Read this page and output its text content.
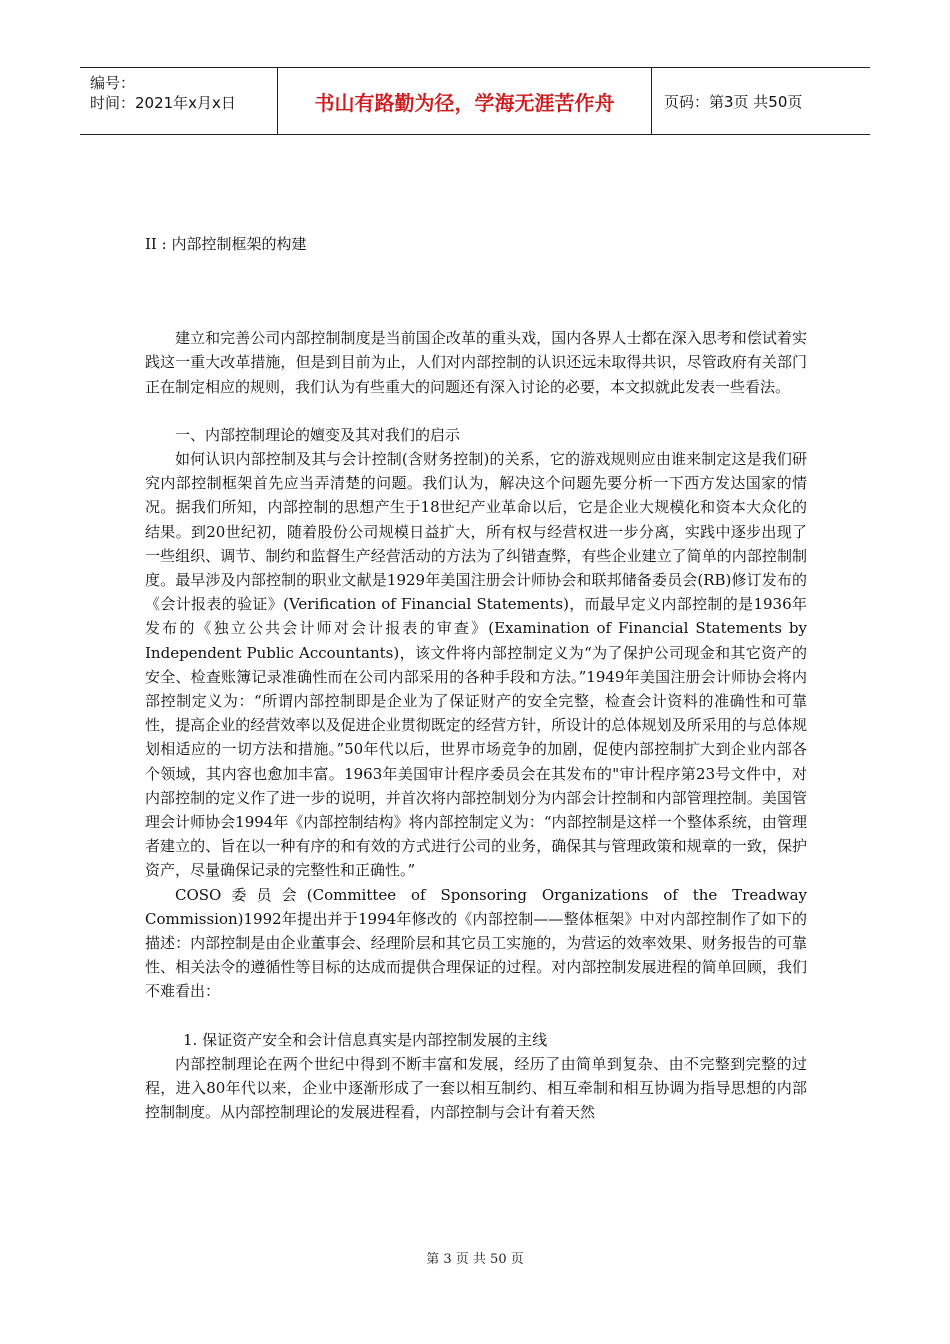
编号：
时间：2021年x月x日	书山有路勤为径，学海无涯苦作舟	页码：第3页 共50页

II : 内部控制框架的构建

建立和完善公司内部控制制度是当前国企改革的重头戏，国内各界人士都在深入思考和偿试着实践这一重大改革措施，但是到目前为止，人们对内部控制的认识还远未取得共识，尽管政府有关部门正在制定相应的规则，我们认为有些重大的问题还有深入讨论的必要，本文拟就此发表一些看法。

一、内部控制理论的嬗变及其对我们的启示

如何认识内部控制及其与会计控制(含财务控制)的关系，它的游戏规则应由谁来制定这是我们研究内部控制框架首先应当弄清楚的问题。我们认为，解决这个问题先要分析一下西方发达国家的情况。据我们所知，内部控制的思想产生于18世纪产业革命以后，它是企业大规模化和资本大众化的结果。到20世纪初，随着股份公司规模日益扩大，所有权与经营权进一步分离，实践中逐步出现了一些组织、调节、制约和监督生产经营活动的方法为了纠错查弊，有些企业建立了简单的内部控制制度。最早涉及内部控制的职业文献是1929年美国注册会计师协会和联邦储备委员会(RB)修订发布的《会计报表的验证》(Verification of Financial Statements)，而最早定义内部控制的是1936年发布的《独立公共会计师对会计报表的审查》(Examination of Financial Statements by Independent Public Accountants)，该文件将内部控制定义为“为了保护公司现金和其它资产的安全、检查账簿记录准确性而在公司内部采用的各种手段和方法。”1949年美国注册会计师协会将内部控制定义为：“所谓内部控制即是企业为了保证财产的安全完整，检查会计资料的准确性和可靠性，提高企业的经营效率以及促进企业贯彻既定的经营方针，所设计的总体规划及所采用的与总体规划相适应的一切方法和措施。”50年代以后，世界市场竞争的加剧，促使内部控制扩大到企业内部各个领域，其内容也愈加丰富。1963年美国审计程序委员会在其发布的"审计程序第23号文件中，对内部控制的定义作了进一步的说明，并首次将内部控制划分为内部会计控制和内部管理控制。美国管理会计师协会1994年《内部控制结构》将内部控制定义为：“内部控制是这样一个整体系统，由管理者建立的、旨在以一种有序的和有效的方式进行公司的业务，确保其与管理政策和规章的一致，保护资产，尽量确保记录的完整性和正确性。”

COSO委员会(Committee of Sponsoring Organizations of the Treadway Commission)1992年提出并于1994年修改的《内部控制——整体框架》中对内部控制作了如下的描述：内部控制是由企业董事会、经理阶层和其它员工实施的，为营运的效率效果、财务报告的可靠性、相关法令的遵循性等目标的达成而提供合理保证的过程。对内部控制发展进程的简单回顾，我们不难看出：

1. 保证资产安全和会计信息真实是内部控制发展的主线

内部控制理论在两个世纪中得到不断丰富和发展，经历了由简单到复杂、由不完整到完整的过程，进入80年代以来，企业中逐渐形成了一套以相互制约、相互牵制和相互协调为指导思想的内部控制制度。从内部控制理论的发展进程看，内部控制与会计有着天然

第 3 页 共 50 页
